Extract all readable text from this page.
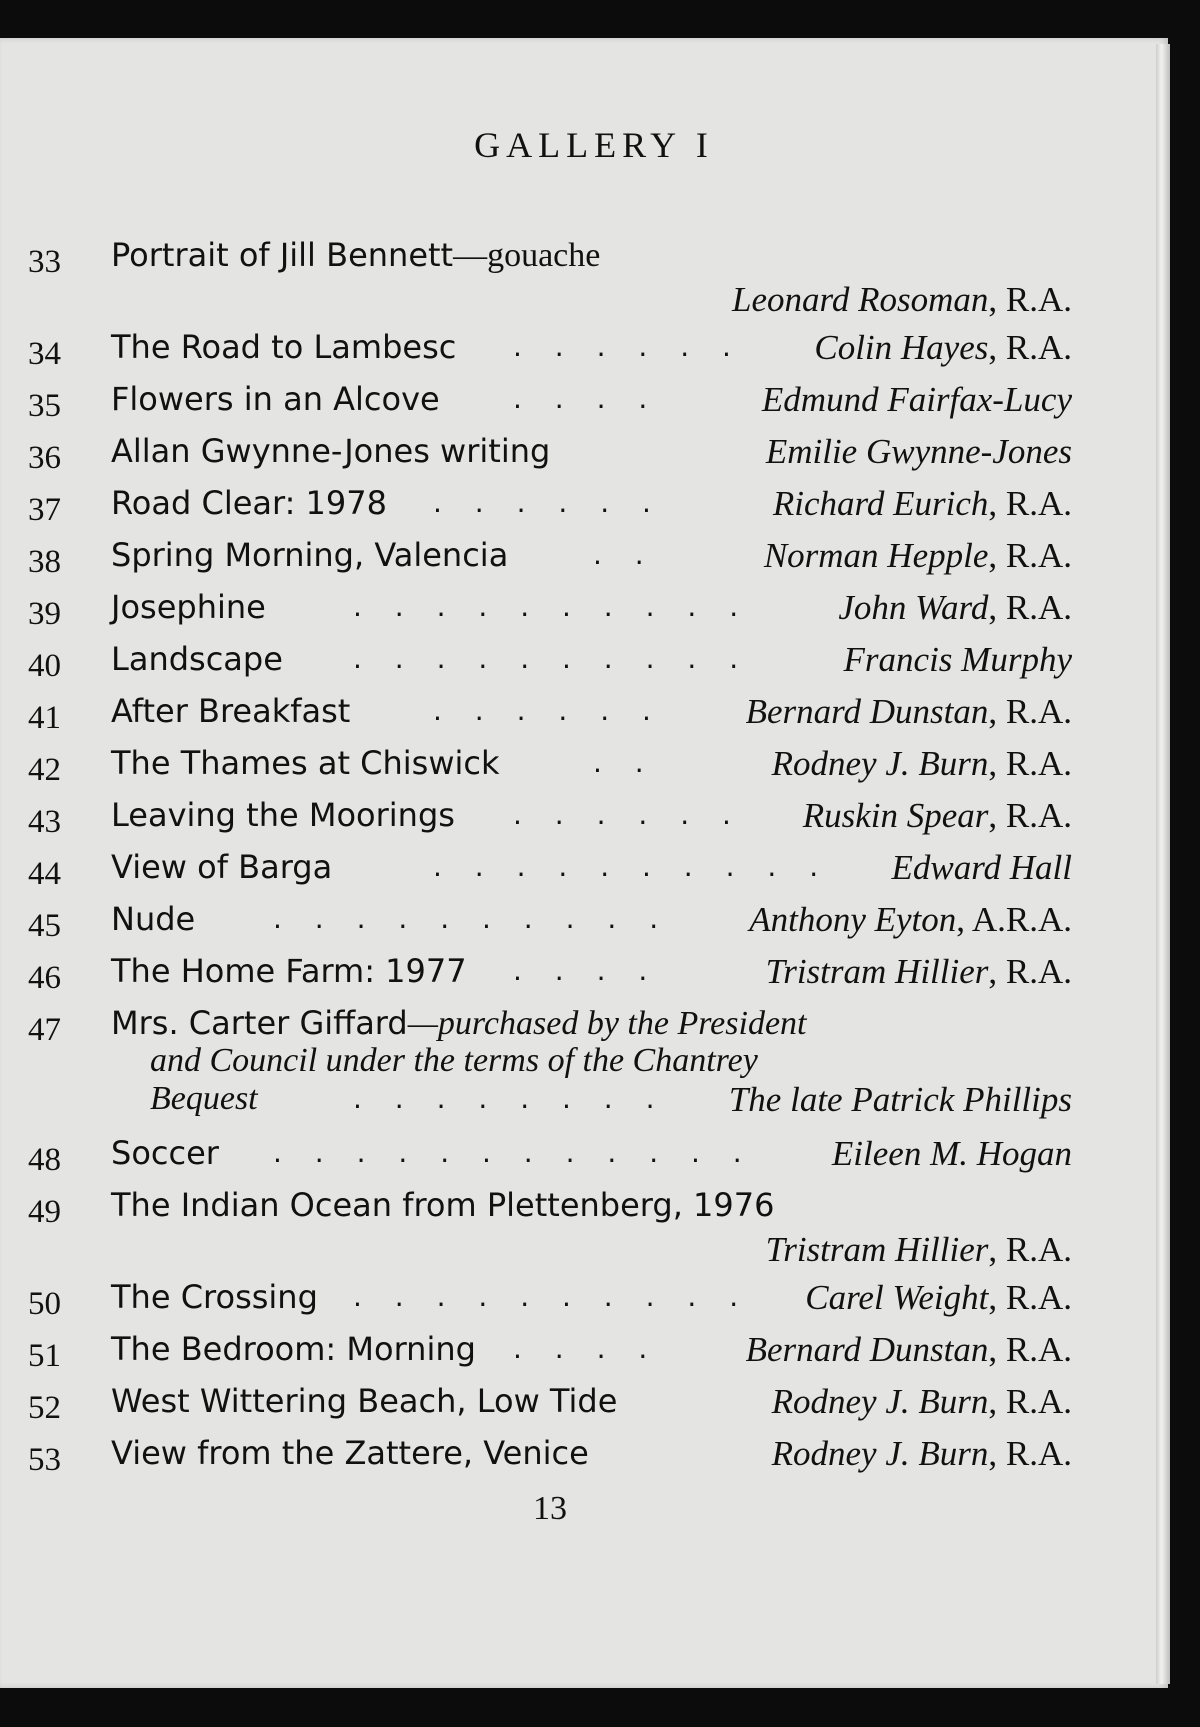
GALLERY I
33 Portrait of Jill Bennett—gouache
Leonard Rosoman, R.A.
34 The Road to Lambesc . . . . . . Colin Hayes, R.A.
35 Flowers in an Alcove	. . . .	Edmund Fairfax-Lucy
36 Allan Gwynne-Jones writing	Emilie Gwynne-Jones
37 Road Clear: 1978 . . . . . .	Richard Eurich, R.A.
38 Spring Morning, Valencia	. .	Norman Hepple, R.A.
39 Josephine	. . . . . . . . . .	John Ward, R.A.
40 Landscape	. . . . . . . . . .	Francis Murphy
41 After Breakfast	. . . . . . Bernard Dunstan, R.A.
42 The Thames at Chiswick	. .	Rodney J. Burn, R.A.
43 Leaving the Moorings . . . . . . Ruskin Spear, R.A.
44 View of Barga	. . . . . . . . . . Edward Hall
45 Nude	. . . . . . . . . . Anthony Eyton, A.R.A.
46 The Home Farm: 1977 . . . .	Tristram Hillier, R.A.
47 Mrs. Carter Giffard—purchased by the President
and Council under the terms of the Chantrey
Bequest	. . . . . . . . The late Patrick Phillips
48 Soccer . . . . . . . . . . . . Eileen M. Hogan
49 The Indian Ocean from Plettenberg, 1976
Tristram Hillier, R.A.
50 The Crossing . . . . . . . . . . Carel Weight, R.A.
51 The Bedroom: Morning . . . . Bernard Dunstan, R.A.
52 West Wittering Beach, Low Tide	Rodney J. Burn, R.A.
53 View from the Zattere, Venice	Rodney J. Burn, R.A.
13
